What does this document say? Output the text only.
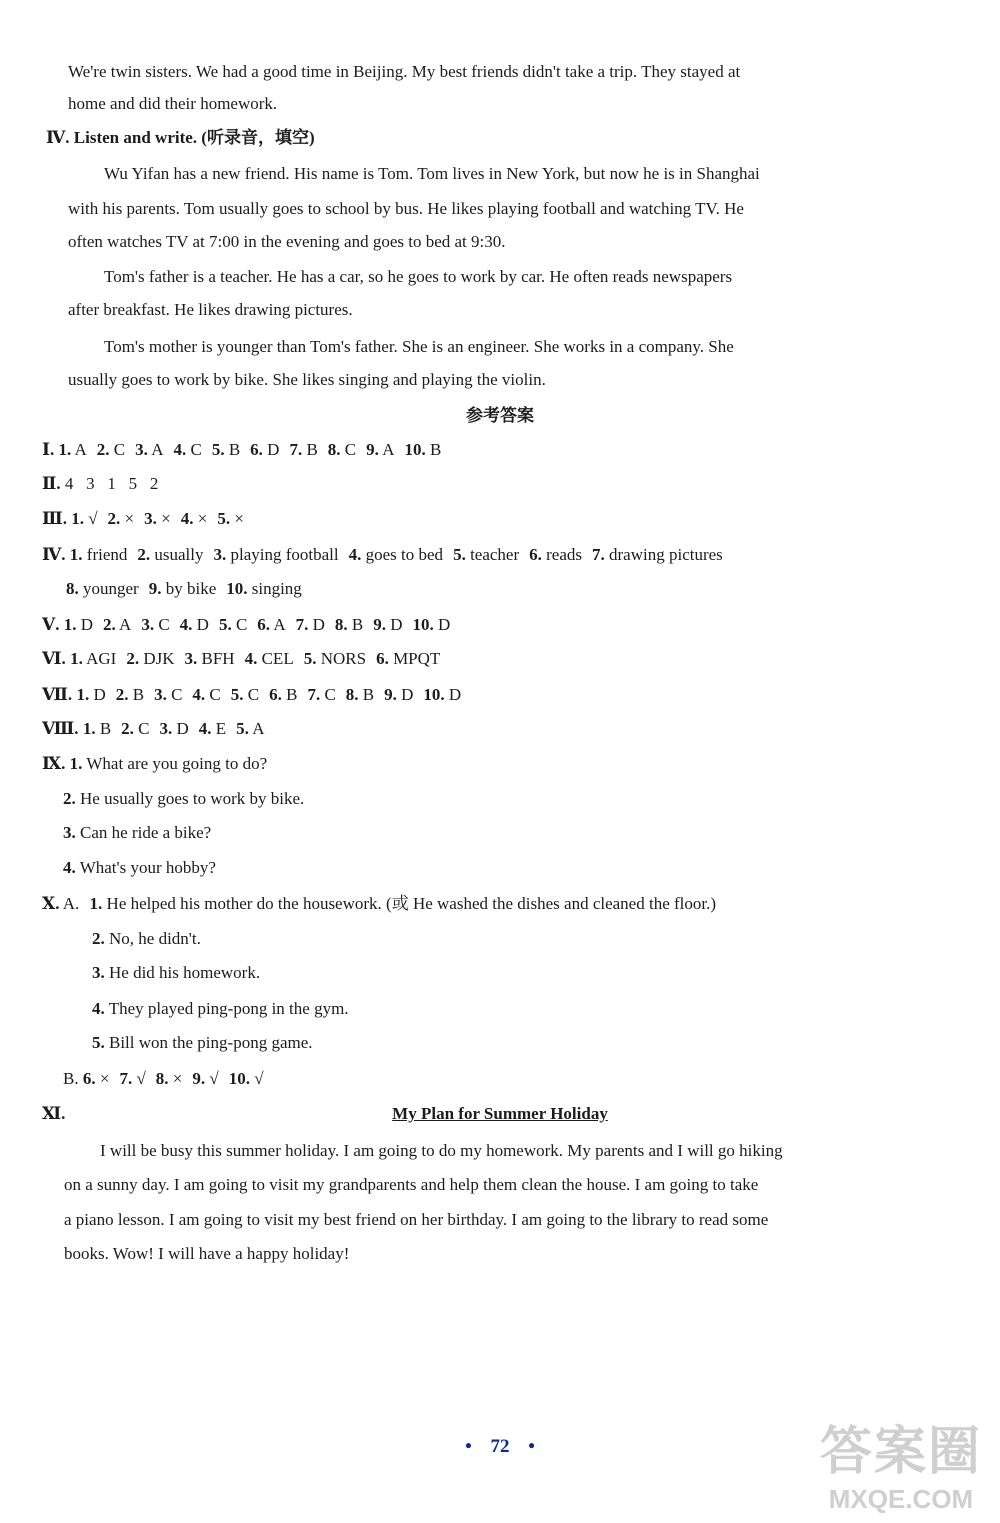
We're twin sisters. We had a good time in Beijing. My best friends didn't take a trip. They stayed at
home and did their homework.
Ⅳ. Listen and write. (听录音，填空)
Wu Yifan has a new friend. His name is Tom. Tom lives in New York, but now he is in Shanghai
with his parents. Tom usually goes to school by bus. He likes playing football and watching TV. He
often watches TV at 7:00 in the evening and goes to bed at 9:30.
Tom's father is a teacher. He has a car, so he goes to work by car. He often reads newspapers
after breakfast. He likes drawing pictures.
Tom's mother is younger than Tom's father. She is an engineer. She works in a company. She
usually goes to work by bike. She likes singing and playing the violin.
参考答案
Ⅰ. 1. A 2. C 3. A 4. C 5. B 6. D 7. B 8. C 9. A 10. B
Ⅱ. 4   3   1   5   2
Ⅲ. 1. √ 2. × 3. × 4. × 5. ×
Ⅳ. 1. friend 2. usually 3. playing football 4. goes to bed 5. teacher 6. reads 7. drawing pictures
8. younger 9. by bike 10. singing
Ⅴ. 1. D 2. A 3. C 4. D 5. C 6. A 7. D 8. B 9. D 10. D
Ⅵ. 1. AGI 2. DJK 3. BFH 4. CEL 5. NORS 6. MPQT
Ⅶ. 1. D 2. B 3. C 4. C 5. C 6. B 7. C 8. B 9. D 10. D
Ⅷ. 1. B 2. C 3. D 4. E 5. A
Ⅸ. 1. What are you going to do?
2. He usually goes to work by bike.
3. Can he ride a bike?
4. What's your hobby?
Ⅹ. A. 1. He helped his mother do the housework. (或 He washed the dishes and cleaned the floor.)
2. No, he didn't.
3. He did his homework.
4. They played ping-pong in the gym.
5. Bill won the ping-pong game.
B. 6. × 7. √ 8. × 9. √ 10. √
Ⅺ.	My Plan for Summer Holiday
I will be busy this summer holiday. I am going to do my homework. My parents and I will go hiking
on a sunny day. I am going to visit my grandparents and help them clean the house. I am going to take
a piano lesson. I am going to visit my best friend on her birthday. I am going to the library to read some
books. Wow! I will have a happy holiday!
• 72 •	答案圈
MXQE.COM
